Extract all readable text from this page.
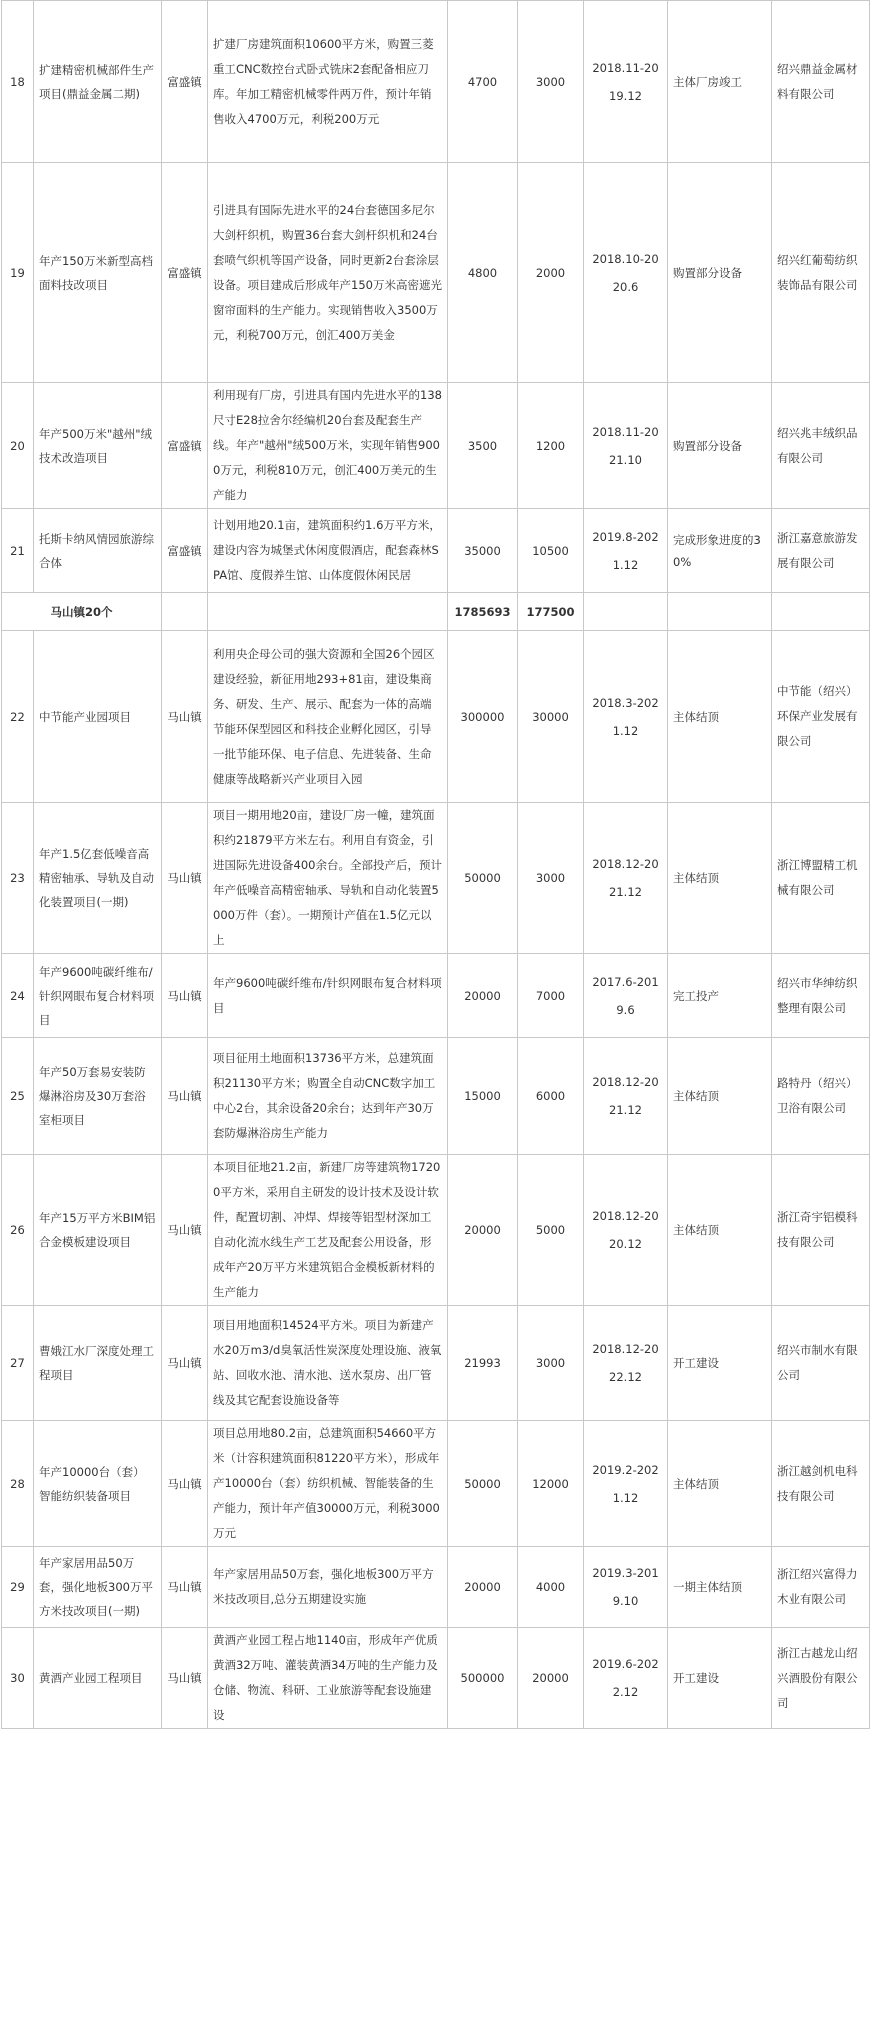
18	扩建精密机械部件生产项目(鼎益金属二期)	富盛镇	扩建厂房建筑面积10600平方米，购置三菱重工CNC数控台式卧式铣床2套配备相应刀库。年加工精密机械零件两万件，预计年销售收入4700万元，利税200万元	4700	3000	2018.11-2019.12	主体厂房竣工	绍兴鼎益金属材料有限公司
19	年产150万米新型高档面料技改项目	富盛镇	引进具有国际先进水平的24台套德国多尼尔大剑杆织机，购置36台套大剑杆织机和24台套喷气织机等国产设备，同时更新2台套涂层设备。项目建成后形成年产150万米高密遮光窗帘面料的生产能力。实现销售收入3500万元，利税700万元，创汇400万美金	4800	2000	2018.10-2020.6	购置部分设备	绍兴红葡萄纺织装饰品有限公司
20	年产500万米"越州"绒技术改造项目	富盛镇	利用现有厂房，引进具有国内先进水平的138尺寸E28拉舍尔经编机20台套及配套生产线。年产"越州"绒500万米，实现年销售9000万元，利税810万元，创汇400万美元的生产能力	3500	1200	2018.11-2021.10	购置部分设备	绍兴兆丰绒织品有限公司
21	托斯卡纳风情园旅游综合体	富盛镇	计划用地20.1亩，建筑面积约1.6万平方米，建设内容为城堡式休闲度假酒店，配套森林SPA馆、度假养生馆、山体度假休闲民居	35000	10500	2019.8-2021.12	完成形象进度的30%	浙江嘉意旅游发展有限公司
马山镇20个				1785693	177500			
22	中节能产业园项目	马山镇	利用央企母公司的强大资源和全国26个园区建设经验，新征用地293+81亩，建设集商务、研发、生产、展示、配套为一体的高端节能环保型园区和科技企业孵化园区，引导一批节能环保、电子信息、先进装备、生命健康等战略新兴产业项目入园	300000	30000	2018.3-2021.12	主体结顶	中节能（绍兴）环保产业发展有限公司
23	年产1.5亿套低噪音高精密轴承、导轨及自动化装置项目(一期)	马山镇	项目一期用地20亩，建设厂房一幢，建筑面积约21879平方米左右。利用自有资金，引进国际先进设备400余台。全部投产后，预计年产低噪音高精密轴承、导轨和自动化装置5000万件（套）。一期预计产值在1.5亿元以上	50000	3000	2018.12-2021.12	主体结顶	浙江博盟精工机械有限公司
24	年产9600吨碳纤维布/针织网眼布复合材料项目	马山镇	年产9600吨碳纤维布/针织网眼布复合材料项目	20000	7000	2017.6-2019.6	完工投产	绍兴市华绅纺织整理有限公司
25	年产50万套易安装防爆淋浴房及30万套浴室柜项目	马山镇	项目征用土地面积13736平方米，总建筑面积21130平方米；购置全自动CNC数字加工中心2台，其余设备20余台；达到年产30万套防爆淋浴房生产能力	15000	6000	2018.12-2021.12	主体结顶	路特丹（绍兴）卫浴有限公司
26	年产15万平方米BIM铝合金模板建设项目	马山镇	本项目征地21.2亩，新建厂房等建筑物17200平方米，采用自主研发的设计技术及设计软件，配置切割、冲焊、焊接等铝型材深加工自动化流水线生产工艺及配套公用设备，形成年产20万平方米建筑铝合金模板新材料的生产能力	20000	5000	2018.12-2020.12	主体结顶	浙江奇宇铝模科技有限公司
27	曹娥江水厂深度处理工程项目	马山镇	项目用地面积14524平方米。项目为新建产水20万m3/d臭氧活性炭深度处理设施、液氧站、回收水池、清水池、送水泵房、出厂管线及其它配套设施设备等	21993	3000	2018.12-2022.12	开工建设	绍兴市制水有限公司
28	年产10000台（套）智能纺织装备项目	马山镇	项目总用地80.2亩，总建筑面积54660平方米（计容积建筑面积81220平方米），形成年产10000台（套）纺织机械、智能装备的生产能力，预计年产值30000万元，利税3000万元	50000	12000	2019.2-2021.12	主体结顶	浙江越剑机电科技有限公司
29	年产家居用品50万套，强化地板300万平方米技改项目(一期)	马山镇	年产家居用品50万套，强化地板300万平方米技改项目,总分五期建设实施	20000	4000	2019.3-2019.10	一期主体结顶	浙江绍兴富得力木业有限公司
30	黄酒产业园工程项目	马山镇	黄酒产业园工程占地1140亩，形成年产优质黄酒32万吨、灌装黄酒34万吨的生产能力及仓储、物流、科研、工业旅游等配套设施建设	500000	20000	2019.6-2022.12	开工建设	浙江古越龙山绍兴酒股份有限公司
